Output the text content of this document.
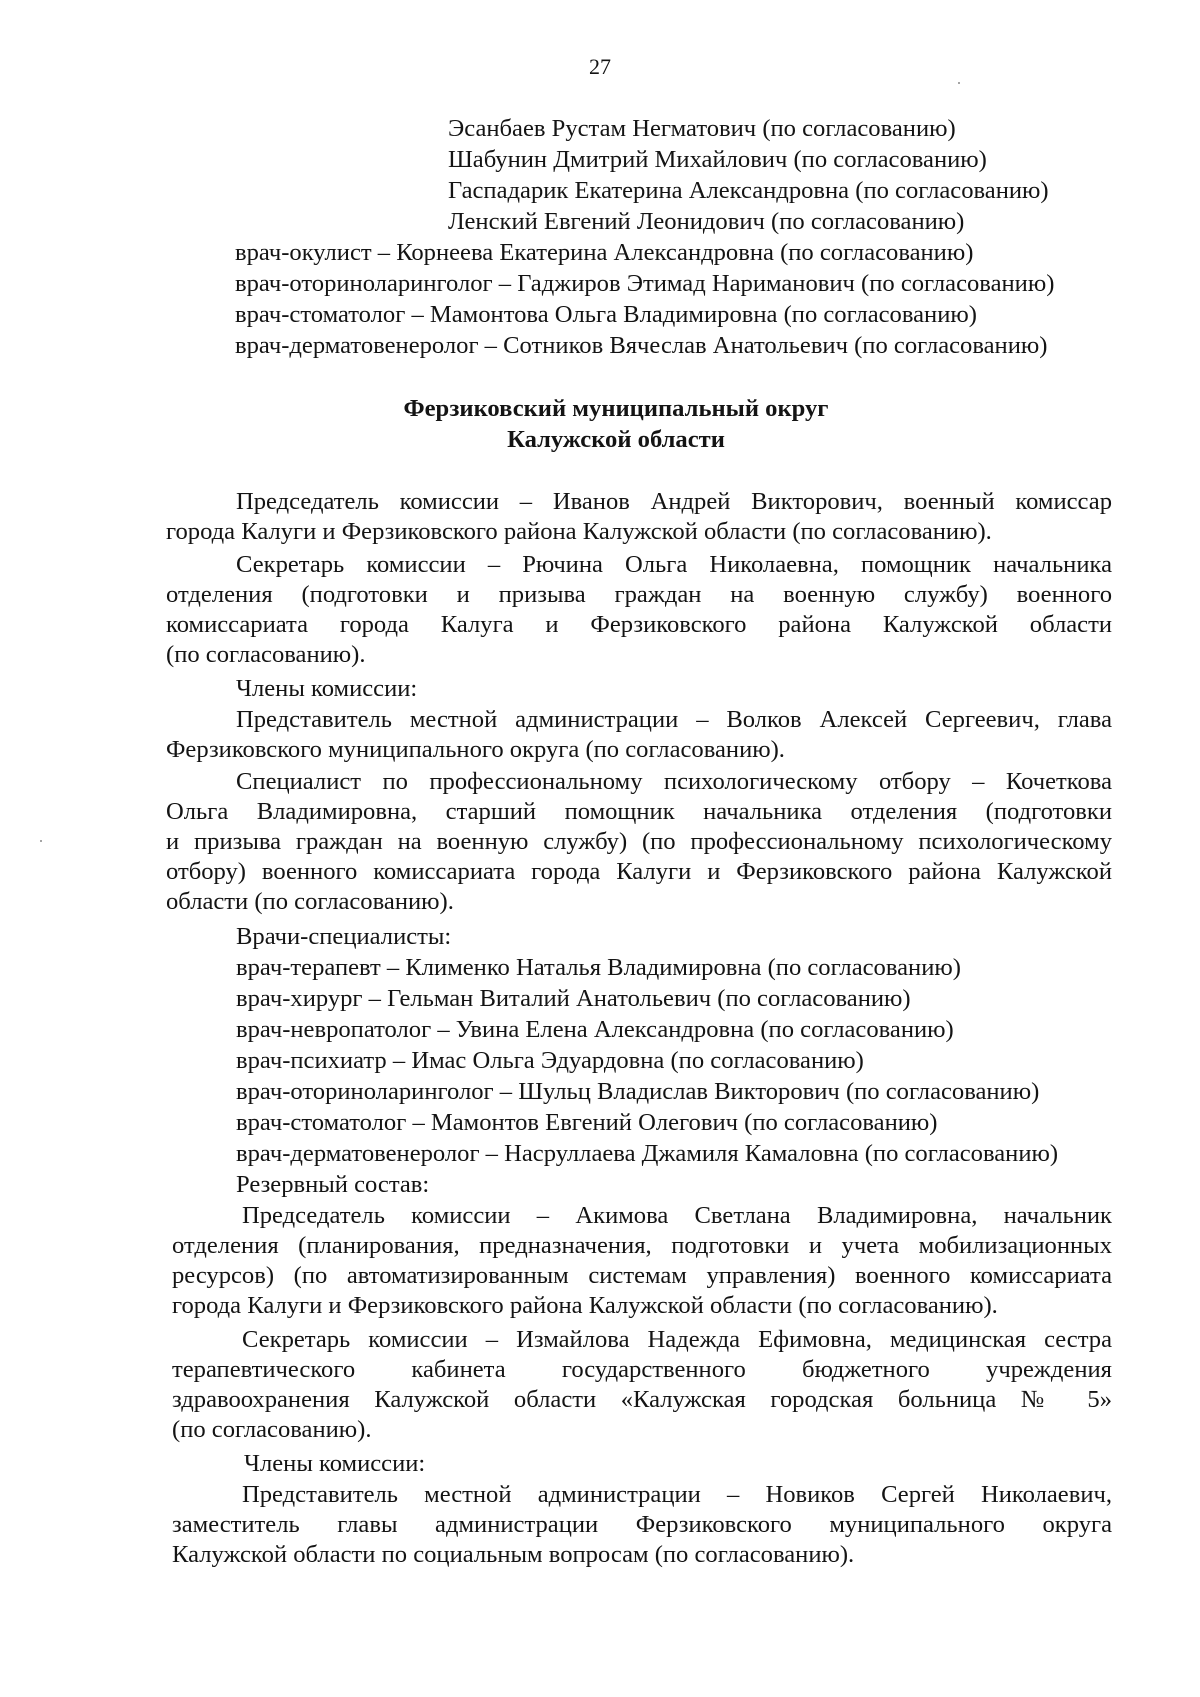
27
Эсанбаев Рустам Негматович (по согласованию)
Шабунин Дмитрий Михайлович (по согласованию)
Гаспадарик Екатерина Александровна (по согласованию)
Ленский Евгений Леонидович (по согласованию)
врач-окулист – Корнеева Екатерина Александровна (по согласованию)
врач-оториноларинголог – Гаджиров Этимад Нариманович (по согласованию)
врач-стоматолог – Мамонтова Ольга Владимировна (по согласованию)
врач-дерматовенеролог – Сотников Вячеслав Анатольевич (по согласованию)
Ферзиковский муниципальный округ
Калужской области
Председатель комиссии – Иванов Андрей Викторович, военный комиссар
города Калуги и Ферзиковского района Калужской области (по согласованию).
Секретарь комиссии – Рючина Ольга Николаевна, помощник начальника
отделения (подготовки и призыва граждан на военную службу) военного
комиссариата города Калуга и Ферзиковского района Калужской области
(по согласованию).
Члены комиссии:
Представитель местной администрации – Волков Алексей Сергеевич, глава
Ферзиковского муниципального округа (по согласованию).
Специалист по профессиональному психологическому отбору – Кочеткова
Ольга Владимировна, старший помощник начальника отделения (подготовки
и призыва граждан на военную службу) (по профессиональному психологическому
отбору) военного комиссариата города Калуги и Ферзиковского района Калужской
области (по согласованию).
Врачи-специалисты:
врач-терапевт – Клименко Наталья Владимировна (по согласованию)
врач-хирург – Гельман Виталий Анатольевич (по согласованию)
врач-невропатолог – Увина Елена Александровна (по согласованию)
врач-психиатр – Имас Ольга Эдуардовна (по согласованию)
врач-оториноларинголог – Шульц Владислав Викторович (по согласованию)
врач-стоматолог – Мамонтов Евгений Олегович (по согласованию)
врач-дерматовенеролог – Насруллаева Джамиля Камаловна (по согласованию)
Резервный состав:
Председатель комиссии – Акимова Светлана Владимировна, начальник
отделения (планирования, предназначения, подготовки и учета мобилизационных
ресурсов) (по автоматизированным системам управления) военного комиссариата
города Калуги и Ферзиковского района Калужской области (по согласованию).
Секретарь комиссии – Измайлова Надежда Ефимовна, медицинская сестра
терапевтического кабинета государственного бюджетного учреждения
здравоохранения Калужской области «Калужская городская больница № 5»
(по согласованию).
Члены комиссии:
Представитель местной администрации – Новиков Сергей Николаевич,
заместитель главы администрации Ферзиковского муниципального округа
Калужской области по социальным вопросам (по согласованию).
